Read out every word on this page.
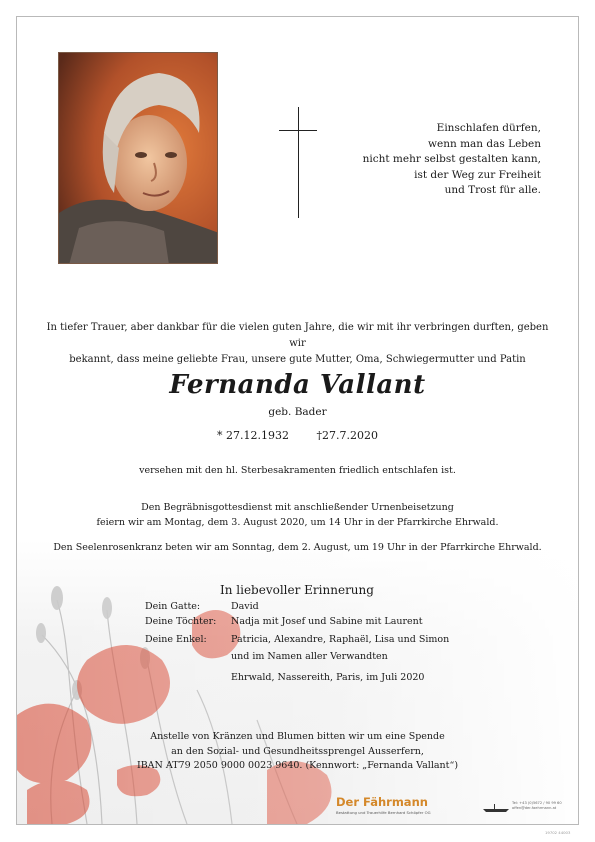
Einschlafen dürfen,
wenn man das Leben
nicht mehr selbst gestalten kann,
ist der Weg zur Freiheit
und Trost für alle.
In tiefer Trauer, aber dankbar für die vielen guten Jahre, die wir mit ihr verbringen durften, geben wir
bekannt, dass meine geliebte Frau, unsere gute Mutter, Oma, Schwiegermutter und Patin
Fernanda Vallant
geb. Bader
* 27.12.1932	†27.7.2020
versehen mit den hl. Sterbesakramenten friedlich entschlafen ist.
Den Begräbnisgottesdienst mit anschließender Urnenbeisetzung
feiern wir am Montag, dem 3. August 2020, um 14 Uhr in der Pfarrkirche Ehrwald.
Den Seelenrosenkranz beten wir am Sonntag, dem 2. August, um 19 Uhr in der Pfarrkirche Ehrwald.
In liebevoller Erinnerung
Dein Gatte:	David
Deine Töchter: Nadja mit Josef und Sabine mit Laurent
Deine Enkel:	Patricia, Alexandre, Raphaël, Lisa und Simon
und im Namen aller Verwandten
Ehrwald, Nassereith, Paris, im Juli 2020
Anstelle von Kränzen und Blumen bitten wir um eine Spende
an den Sozial- und Gesundheitssprengel Ausserfern,
IBAN AT79 2050 9000 0023 9640. (Kennwort: „Fernanda Vallant“)
Der Fährmann
Bestattung und Trauerhilfe Bernhard Schöpfer OG
Tel: +43 (0)5672 / 90 99 60
offen@der-faehrmann.at
19702 44003
